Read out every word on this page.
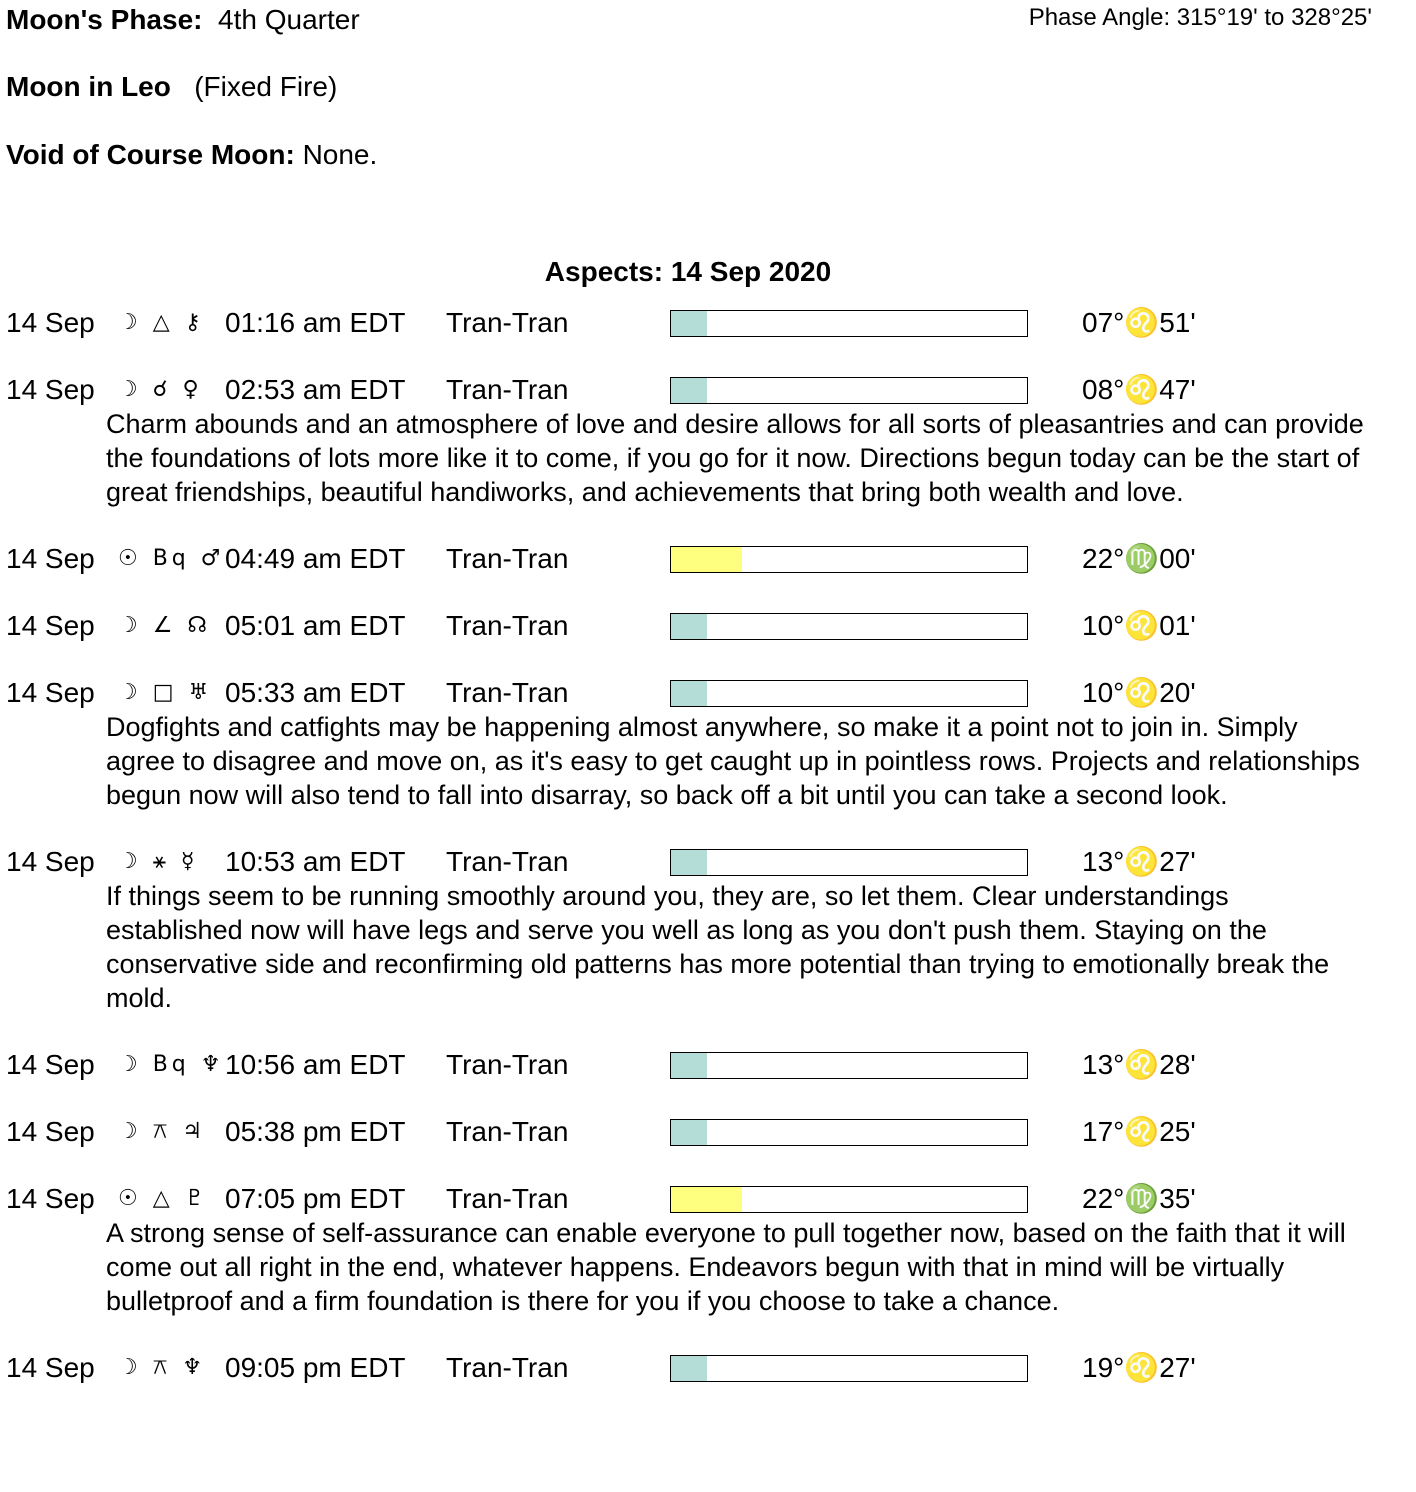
Moon's Phase: 4th Quarter	Phase Angle: 315°19' to 328°25'
Moon in Leo (Fixed Fire)
Void of Course Moon: None.
Aspects: 14 Sep 2020
14 Sep ☽ △ ⚷ 01:16 am EDT Tran-Tran	07°♌51'
14 Sep ☽ ☌ ♀ 02:53 am EDT Tran-Tran	08°♌47'
Charm abounds and an atmosphere of love and desire allows for all sorts of pleasantries and can provide the foundations of lots more like it to come, if you go for it now. Directions begun today can be the start of great friendships, beautiful handiworks, and achievements that bring both wealth and love.
14 Sep ☉ Bq ♂ 04:49 am EDT Tran-Tran	22°♍00'
14 Sep ☽ ∠ ☊ 05:01 am EDT Tran-Tran	10°♌01'
14 Sep ☽ □ ♅ 05:33 am EDT Tran-Tran	10°♌20'
Dogfights and catfights may be happening almost anywhere, so make it a point not to join in. Simply agree to disagree and move on, as it's easy to get caught up in pointless rows. Projects and relationships begun now will also tend to fall into disarray, so back off a bit until you can take a second look.
14 Sep ☽ ⚹ ☿ 10:53 am EDT Tran-Tran	13°♌27'
If things seem to be running smoothly around you, they are, so let them. Clear understandings established now will have legs and serve you well as long as you don't push them. Staying on the conservative side and reconfirming old patterns has more potential than trying to emotionally break the mold.
14 Sep ☽ Bq ♆ 10:56 am EDT Tran-Tran	13°♌28'
14 Sep ☽ ⚻ ♃ 05:38 pm EDT Tran-Tran	17°♌25'
14 Sep ☉ △ ♇ 07:05 pm EDT Tran-Tran	22°♍35'
A strong sense of self-assurance can enable everyone to pull together now, based on the faith that it will come out all right in the end, whatever happens. Endeavors begun with that in mind will be virtually bulletproof and a firm foundation is there for you if you choose to take a chance.
14 Sep ☽ ⚻ ♆ 09:05 pm EDT Tran-Tran	19°♌27'
